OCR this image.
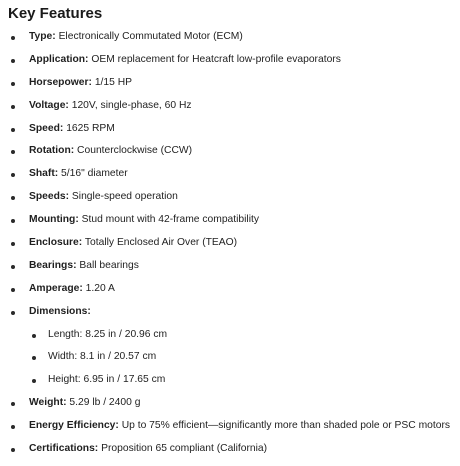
Key Features
Type: Electronically Commutated Motor (ECM)
Application: OEM replacement for Heatcraft low-profile evaporators
Horsepower: 1/15 HP
Voltage: 120V, single-phase, 60 Hz
Speed: 1625 RPM
Rotation: Counterclockwise (CCW)
Shaft: 5/16" diameter
Speeds: Single-speed operation
Mounting: Stud mount with 42-frame compatibility
Enclosure: Totally Enclosed Air Over (TEAO)
Bearings: Ball bearings
Amperage: 1.20 A
Dimensions:
Length: 8.25 in / 20.96 cm
Width: 8.1 in / 20.57 cm
Height: 6.95 in / 17.65 cm
Weight: 5.29 lb / 2400 g
Energy Efficiency: Up to 75% efficient—significantly more than shaded pole or PSC motors
Certifications: Proposition 65 compliant (California)
